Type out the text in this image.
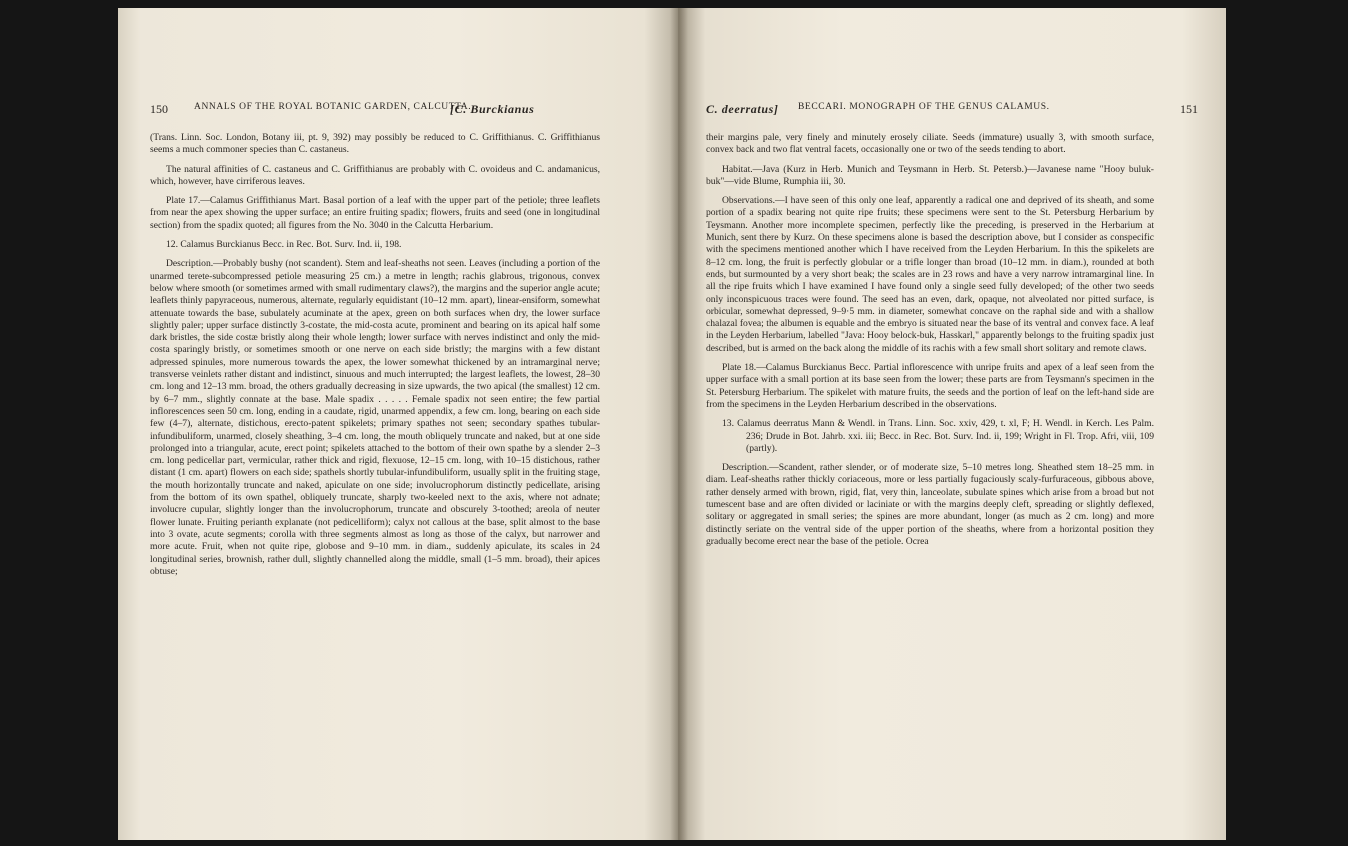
150	ANNALS OF THE ROYAL BOTANIC GARDEN, CALCUTTA.
[C. Burckianus

(Trans. Linn. Soc. London, Botany iii, pt. 9, 392) may possibly be reduced to C. Griffithianus. C. Griffithianus seems a much commoner species than C. castaneus.

The natural affinities of C. castaneus and C. Griffithianus are probably with C. ovoideus and C. andamanicus, which, however, have cirriferous leaves.

Plate 17.—Calamus Griffithianus Mart. Basal portion of a leaf with the upper part of the petiole; three leaflets from near the apex showing the upper surface; an entire fruiting spadix; flowers, fruits and seed (one in longitudinal section) from the spadix quoted; all figures from the No. 3040 in the Calcutta Herbarium.

12. Calamus Burckianus Becc. in Rec. Bot. Surv. Ind. ii, 198.

Description.—Probably bushy (not scandent). Stem and leaf-sheaths not seen. Leaves (including a portion of the unarmed terete-subcompressed petiole measuring 25 cm.) a metre in length; rachis glabrous, trigonous, convex below where smooth (or sometimes armed with small rudimentary claws?), the margins and the superior angle acute; leaflets thinly papyraceous, numerous, alternate, regularly equidistant (10–12 mm. apart), linear-ensiform, somewhat attenuate towards the base, subulately acuminate at the apex, green on both surfaces when dry, the lower surface slightly paler; upper surface distinctly 3-costate, the mid-costa acute, prominent and bearing on its apical half some dark bristles, the side costæ bristly along their whole length; lower surface with nerves indistinct and only the mid-costa sparingly bristly, or sometimes smooth or one nerve on each side bristly; the margins with a few distant adpressed spinules, more numerous towards the apex, the lower somewhat thickened by an intramarginal nerve; transverse veinlets rather distant and indistinct, sinuous and much interrupted; the largest leaflets, the lowest, 28–30 cm. long and 12–13 mm. broad, the others gradually decreasing in size upwards, the two apical (the smallest) 12 cm. by 6–7 mm., slightly connate at the base. Male spadix . . . . . Female spadix not seen entire; the few partial inflorescences seen 50 cm. long, ending in a caudate, rigid, unarmed appendix, a few cm. long, bearing on each side few (4–7), alternate, distichous, erecto-patent spikelets; primary spathes not seen; secondary spathes tubular-infundibuliform, unarmed, closely sheathing, 3–4 cm. long, the mouth obliquely truncate and naked, but at one side prolonged into a triangular, acute, erect point; spikelets attached to the bottom of their own spathe by a slender 2–3 cm. long pedicellar part, vermicular, rather thick and rigid, flexuose, 12–15 cm. long, with 10–15 distichous, rather distant (1 cm. apart) flowers on each side; spathels shortly tubular-infundibuliform, usually split in the fruiting stage, the mouth horizontally truncate and naked, apiculate on one side; involucrophorum distinctly pedicellate, arising from the bottom of its own spathel, obliquely truncate, sharply two-keeled next to the axis, where not adnate; involucre cupular, slightly longer than the involucrophorum, truncate and obscurely 3-toothed; areola of neuter flower lunate. Fruiting perianth explanate (not pedicelliform); calyx not callous at the base, split almost to the base into 3 ovate, acute segments; corolla with three segments almost as long as those of the calyx, but narrower and more acute. Fruit, when not quite ripe, globose and 9–10 mm. in diam., suddenly apiculate, its scales in 24 longitudinal series, brownish, rather dull, slightly channelled along the middle, small (1–5 mm. broad), their apices obtuse;

C. deerratus] BECCARI. MONOGRAPH OF THE GENUS CALAMUS.	151

their margins pale, very finely and minutely erosely ciliate. Seeds (immature) usually 3, with smooth surface, convex back and two flat ventral facets, occasionally one or two of the seeds tending to abort.

Habitat.—Java (Kurz in Herb. Munich and Teysmann in Herb. St. Petersb.)—Javanese name "Hooy buluk-buk"—vide Blume, Rumphia iii, 30.

Observations.—I have seen of this only one leaf, apparently a radical one and deprived of its sheath, and some portion of a spadix bearing not quite ripe fruits; these specimens were sent to the St. Petersburg Herbarium by Teysmann. Another more incomplete specimen, perfectly like the preceding, is preserved in the Herbarium at Munich, sent there by Kurz. On these specimens alone is based the description above, but I consider as conspecific with the specimens mentioned another which I have received from the Leyden Herbarium. In this the spikelets are 8–12 cm. long, the fruit is perfectly globular or a trifle longer than broad (10–12 mm. in diam.), rounded at both ends, but surmounted by a very short beak; the scales are in 23 rows and have a very narrow intramarginal line. In all the ripe fruits which I have examined I have found only a single seed fully developed; of the other two seeds only inconspicuous traces were found. The seed has an even, dark, opaque, not alveolated nor pitted surface, is orbicular, somewhat depressed, 9–9·5 mm. in diameter, somewhat concave on the raphal side and with a shallow chalazal fovea; the albumen is equable and the embryo is situated near the base of its ventral and convex face. A leaf in the Leyden Herbarium, labelled "Java: Hooy belock-buk, Hasskarl," apparently belongs to the fruiting spadix just described, but is armed on the back along the middle of its rachis with a few small short solitary and remote claws.

Plate 18.—Calamus Burckianus Becc. Partial inflorescence with unripe fruits and apex of a leaf seen from the upper surface with a small portion at its base seen from the lower; these parts are from Teysmann's specimen in the St. Petersburg Herbarium. The spikelet with mature fruits, the seeds and the portion of leaf on the left-hand side are from the specimens in the Leyden Herbarium described in the observations.

13. Calamus deerratus Mann & Wendl. in Trans. Linn. Soc. xxiv, 429, t. xl, F; H. Wendl. in Kerch. Les Palm. 236; Drude in Bot. Jahrb. xxi. iii; Becc. in Rec. Bot. Surv. Ind. ii, 199; Wright in Fl. Trop. Afri, viii, 109 (partly).

Description.—Scandent, rather slender, or of moderate size, 5–10 metres long. Sheathed stem 18–25 mm. in diam. Leaf-sheaths rather thickly coriaceous, more or less partially fugaciously scaly-furfuraceous, gibbous above, rather densely armed with brown, rigid, flat, very thin, lanceolate, subulate spines which arise from a broad but not tumescent base and are often divided or laciniate or with the margins deeply cleft, spreading or slightly deflexed, solitary or aggregated in small series; the spines are more abundant, longer (as much as 2 cm. long) and more distinctly seriate on the ventral side of the upper portion of the sheaths, where from a horizontal position they gradually become erect near the base of the petiole. Ocrea
